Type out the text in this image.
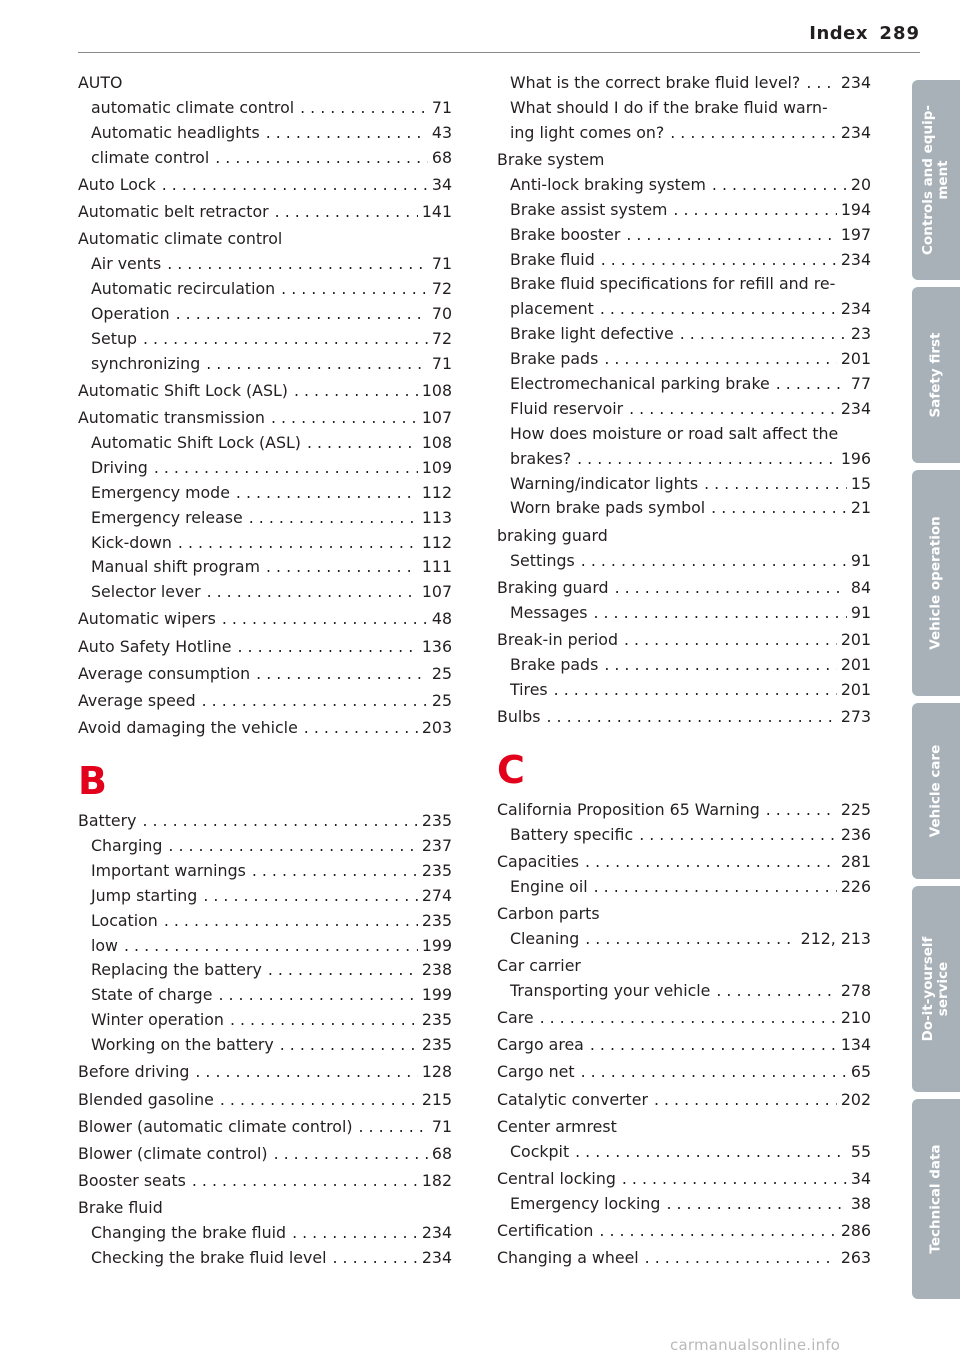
Index 289
AUTO
automatic climate control . . .	71
Automatic headlights . . .	43
climate control . . .	68
Auto Lock . . .	34
Automatic belt retractor . . .	141
Automatic climate control
Air vents . . .	71
Automatic recirculation . . .	72
Operation . . .	70
Setup . . .	72
synchronizing . . .	71
Automatic Shift Lock (ASL) . . .	108
Automatic transmission . . .	107
Automatic Shift Lock (ASL) . . .	108
Driving . . .	109
Emergency mode . . .	112
Emergency release . . .	113
Kick-down . . .	112
Manual shift program . . .	111
Selector lever . . .	107
Automatic wipers . . .	48
Auto Safety Hotline . . .	136
Average consumption . . .	25
Average speed . . .	25
Avoid damaging the vehicle . . .	203
B
Battery . . .	235
Charging . . .	237
Important warnings . . .	235
Jump starting . . .	274
Location . . .	235
low . . .	199
Replacing the battery . . .	238
State of charge . . .	199
Winter operation . . .	235
Working on the battery . . .	235
Before driving . . .	128
Blended gasoline . . .	215
Blower (automatic climate control) . . .	71
Blower (climate control) . . .	68
Booster seats . . .	182
Brake fluid
Changing the brake fluid . . .	234
Checking the brake fluid level . . .	234
What is the correct brake fluid level? . . .	234
What should I do if the brake fluid warn-
ing light comes on? . . .	234
Brake system
Anti-lock braking system . . .	20
Brake assist system . . .	194
Brake booster . . .	197
Brake fluid . . .	234
Brake fluid specifications for refill and re-
placement . . .	234
Brake light defective . . .	23
Brake pads . . .	201
Electromechanical parking brake . . .	77
Fluid reservoir . . .	234
How does moisture or road salt affect the
brakes? . . .	196
Warning/indicator lights . . .	15
Worn brake pads symbol . . .	21
braking guard
Settings . . .	91
Braking guard . . .	84
Messages . . .	91
Break-in period . . .	201
Brake pads . . .	201
Tires . . .	201
Bulbs . . .	273
C
California Proposition 65 Warning . . .	225
Battery specific . . .	236
Capacities . . .	281
Engine oil . . .	226
Carbon parts
Cleaning . . .	212, 213
Car carrier
Transporting your vehicle . . .	278
Care . . .	210
Cargo area . . .	134
Cargo net . . .	65
Catalytic converter . . .	202
Center armrest
Cockpit . . .	55
Central locking . . .	34
Emergency locking . . .	38
Certification . . .	286
Changing a wheel . . .	263
Controls and equip-
ment
Safety first
Vehicle operation
Vehicle care
Do-it-yourself
service
Technical data
carmanualsonline.info
